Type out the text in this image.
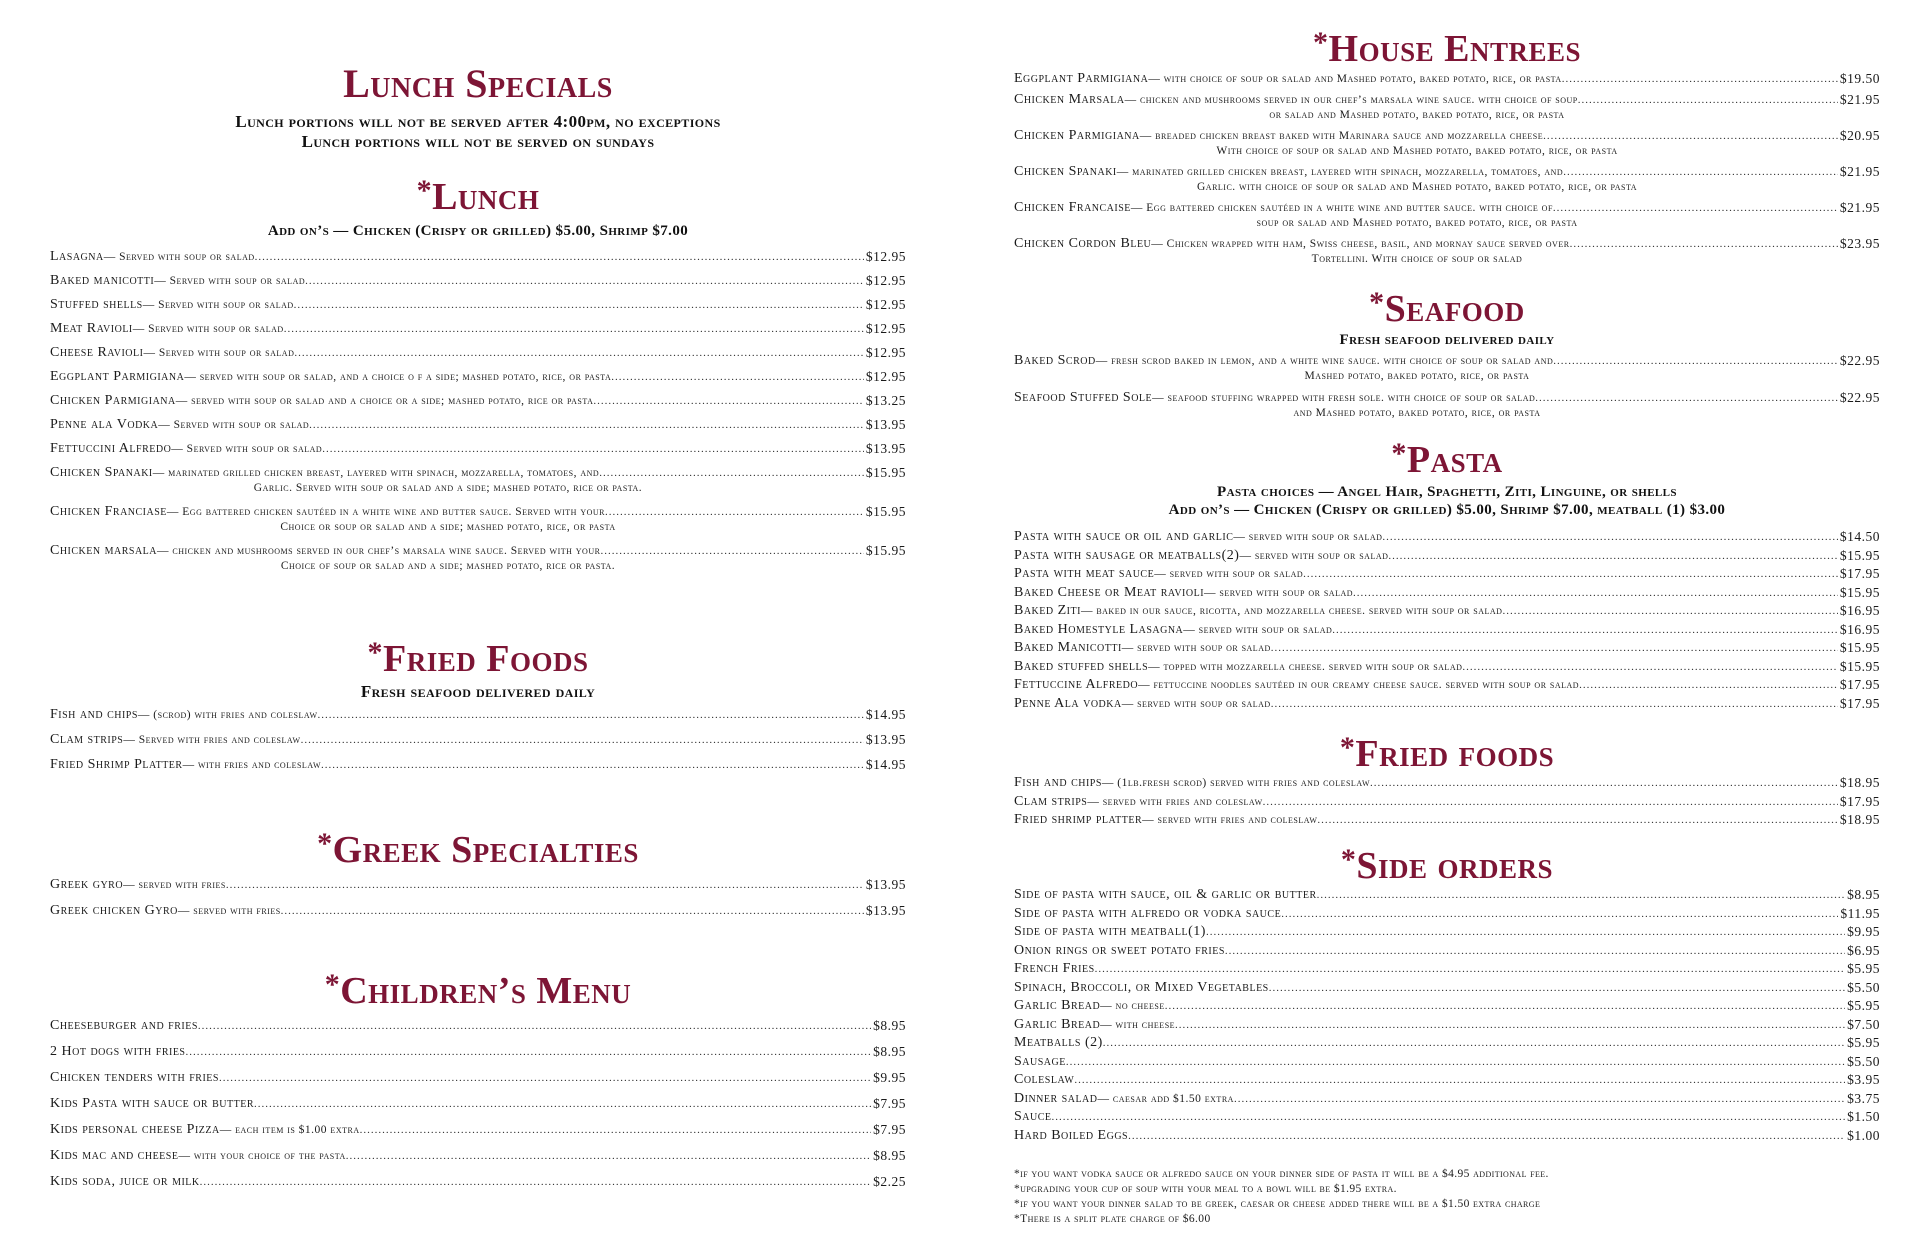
Lunch Specials
Lunch portions will not be served after 4:00pm, no exceptions
Lunch portions will not be served on sundays
*Lunch
Add on’s — Chicken (Crispy or grilled) $5.00, Shrimp $7.00
Lasagna — Served with soup or salad .....	$12.95
Baked manicotti — Served with soup or salad .....	$12.95
Stuffed shells — Served with soup or salad .....	$12.95
Meat Ravioli — Served with soup or salad .....	$12.95
Cheese Ravioli — Served with soup or salad .....	$12.95
Eggplant Parmigiana — served with soup or salad, and a choice o f a side; mashed potato, rice, or pasta .....	$12.95
Chicken Parmigiana — served with soup or salad and a choice or a side; mashed potato, rice or pasta .....	$13.25
Penne ala Vodka — Served with soup or salad .....	$13.95
Fettuccini Alfredo — Served with soup or salad .....	$13.95
Chicken Spanaki — marinated grilled chicken breast, layered with spinach, mozzarella, tomatoes, and .....	$15.95
Garlic. Served with soup or salad and a side; mashed potato, rice or pasta.
Chicken Franciase — Egg battered chicken sautéed in a white wine and butter sauce. Served with your .....	$15.95
Choice or soup or salad and a side; mashed potato, rice, or pasta
Chicken marsala — chicken and mushrooms served in our chef’s marsala wine sauce. Served with your .....	$15.95
Choice of soup or salad and a side; mashed potato, rice or pasta.
*Fried Foods
Fresh seafood delivered daily
Fish and chips — (scrod) with fries and coleslaw .....	$14.95
Clam strips — Served with fries and coleslaw .....	$13.95
Fried Shrimp Platter — with fries and coleslaw .....	$14.95
*Greek Specialties
Greek gyro — served with fries .....	$13.95
Greek chicken Gyro — served with fries .....	$13.95
*Children’s Menu
Cheeseburger and fries .....	$8.95
2 Hot dogs with fries .....	$8.95
Chicken tenders with fries .....	$9.95
Kids Pasta with sauce or butter .....	$7.95
Kids personal cheese Pizza — each item is $1.00 extra .....	$7.95
Kids mac and cheese — with your choice of the pasta .....	$8.95
Kids soda, juice or milk .....	$2.25
*House Entrees
Eggplant Parmigiana — with choice of soup or salad and Mashed potato, baked potato, rice, or pasta .....	$19.50
Chicken Marsala — chicken and mushrooms served in our chef’s marsala wine sauce. with choice of soup .....	$21.95
or salad and Mashed potato, baked potato, rice, or pasta
Chicken Parmigiana — breaded chicken breast baked with Marinara sauce and mozzarella cheese .....	$20.95
With choice of soup or salad and Mashed potato, baked potato, rice, or pasta
Chicken Spanaki — marinated grilled chicken breast, layered with spinach, mozzarella, tomatoes, and .....	$21.95
Garlic. with choice of soup or salad and Mashed potato, baked potato, rice, or pasta
Chicken Francaise — Egg battered chicken sautéed in a white wine and butter sauce. with choice of .....	$21.95
soup or salad and Mashed potato, baked potato, rice, or pasta
Chicken Cordon Bleu — Chicken wrapped with ham, Swiss cheese, basil, and mornay sauce served over .....	$23.95
Tortellini. With choice of soup or salad
*Seafood
Fresh seafood delivered daily
Baked Scrod — fresh scrod baked in lemon, and a white wine sauce. with choice of soup or salad and .....	$22.95
Mashed potato, baked potato, rice, or pasta
Seafood Stuffed Sole — seafood stuffing wrapped with fresh sole. with choice of soup or salad .....	$22.95
and Mashed potato, baked potato, rice, or pasta
*Pasta
Pasta choices — Angel Hair, Spaghetti, Ziti, Linguine, or shells
Add on’s — Chicken (Crispy or grilled) $5.00, Shrimp $7.00, meatball (1) $3.00
Pasta with sauce or oil and garlic — served with soup or salad .....	$14.50
Pasta with sausage or meatballs(2) — served with soup or salad .....	$15.95
Pasta with meat sauce — served with soup or salad .....	$17.95
Baked Cheese or Meat ravioli — served with soup or salad .....	$15.95
Baked Ziti — baked in our sauce, ricotta, and mozzarella cheese. served with soup or salad .....	$16.95
Baked Homestyle Lasagna — served with soup or salad .....	$16.95
Baked Manicotti — served with soup or salad .....	$15.95
Baked stuffed shells — topped with mozzarella cheese. served with soup or salad .....	$15.95
Fettuccine Alfredo — fettuccine noodles sautéed in our creamy cheese sauce. served with soup or salad .....	$17.95
Penne Ala vodka — served with soup or salad .....	$17.95
*Fried foods
Fish and chips — (1lb.fresh scrod) served with fries and coleslaw .....	$18.95
Clam strips — served with fries and coleslaw .....	$17.95
Fried shrimp platter — served with fries and coleslaw .....	$18.95
*Side orders
Side of pasta with sauce, oil & garlic or butter .....	$8.95
Side of pasta with alfredo or vodka sauce .....	$11.95
Side of pasta with meatball(1) .....	$9.95
Onion rings or sweet potato fries .....	$6.95
French Fries .....	$5.95
Spinach, Broccoli, or Mixed Vegetables .....	$5.50
Garlic Bread — no cheese .....	$5.95
Garlic Bread — with cheese .....	$7.50
Meatballs (2) .....	$5.95
Sausage .....	$5.50
Coleslaw .....	$3.95
Dinner salad — caesar add $1.50 extra .....	$3.75
Sauce .....	$1.50
Hard Boiled Eggs .....	$1.00
*if you want vodka sauce or alfredo sauce on your dinner side of pasta it will be a $4.95 additional fee.
*upgrading your cup of soup with your meal to a bowl will be $1.95 extra.
*if you want your dinner salad to be greek, caesar or cheese added there will be a $1.50 extra charge
*There is a split plate charge of $6.00
